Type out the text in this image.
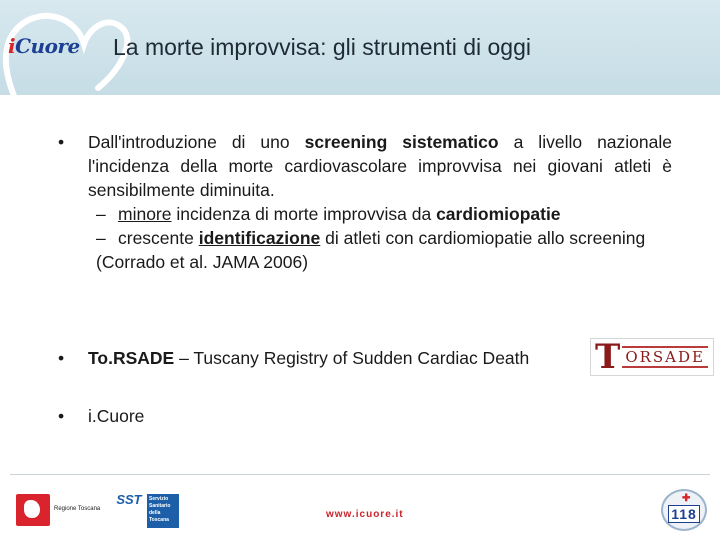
iCuore	La morte improvvisa: gli strumenti di oggi
•	Dall'introduzione di uno screening sistematico a livello nazionale l'incidenza della morte cardiovascolare improvvisa nei giovani atleti è sensibilmente diminuita.
– minore incidenza di morte improvvisa da cardiomiopatie
– crescente identificazione di atleti con cardiomiopatie allo screening
(Corrado et al. JAMA 2006)
•	To.RSADE – Tuscany Registry of Sudden Cardiac Death T ORSADE
•	i.Cuore
Regione Toscana
SST	Servizio Sanitario della Toscana	www.icuore.it
✚
118
